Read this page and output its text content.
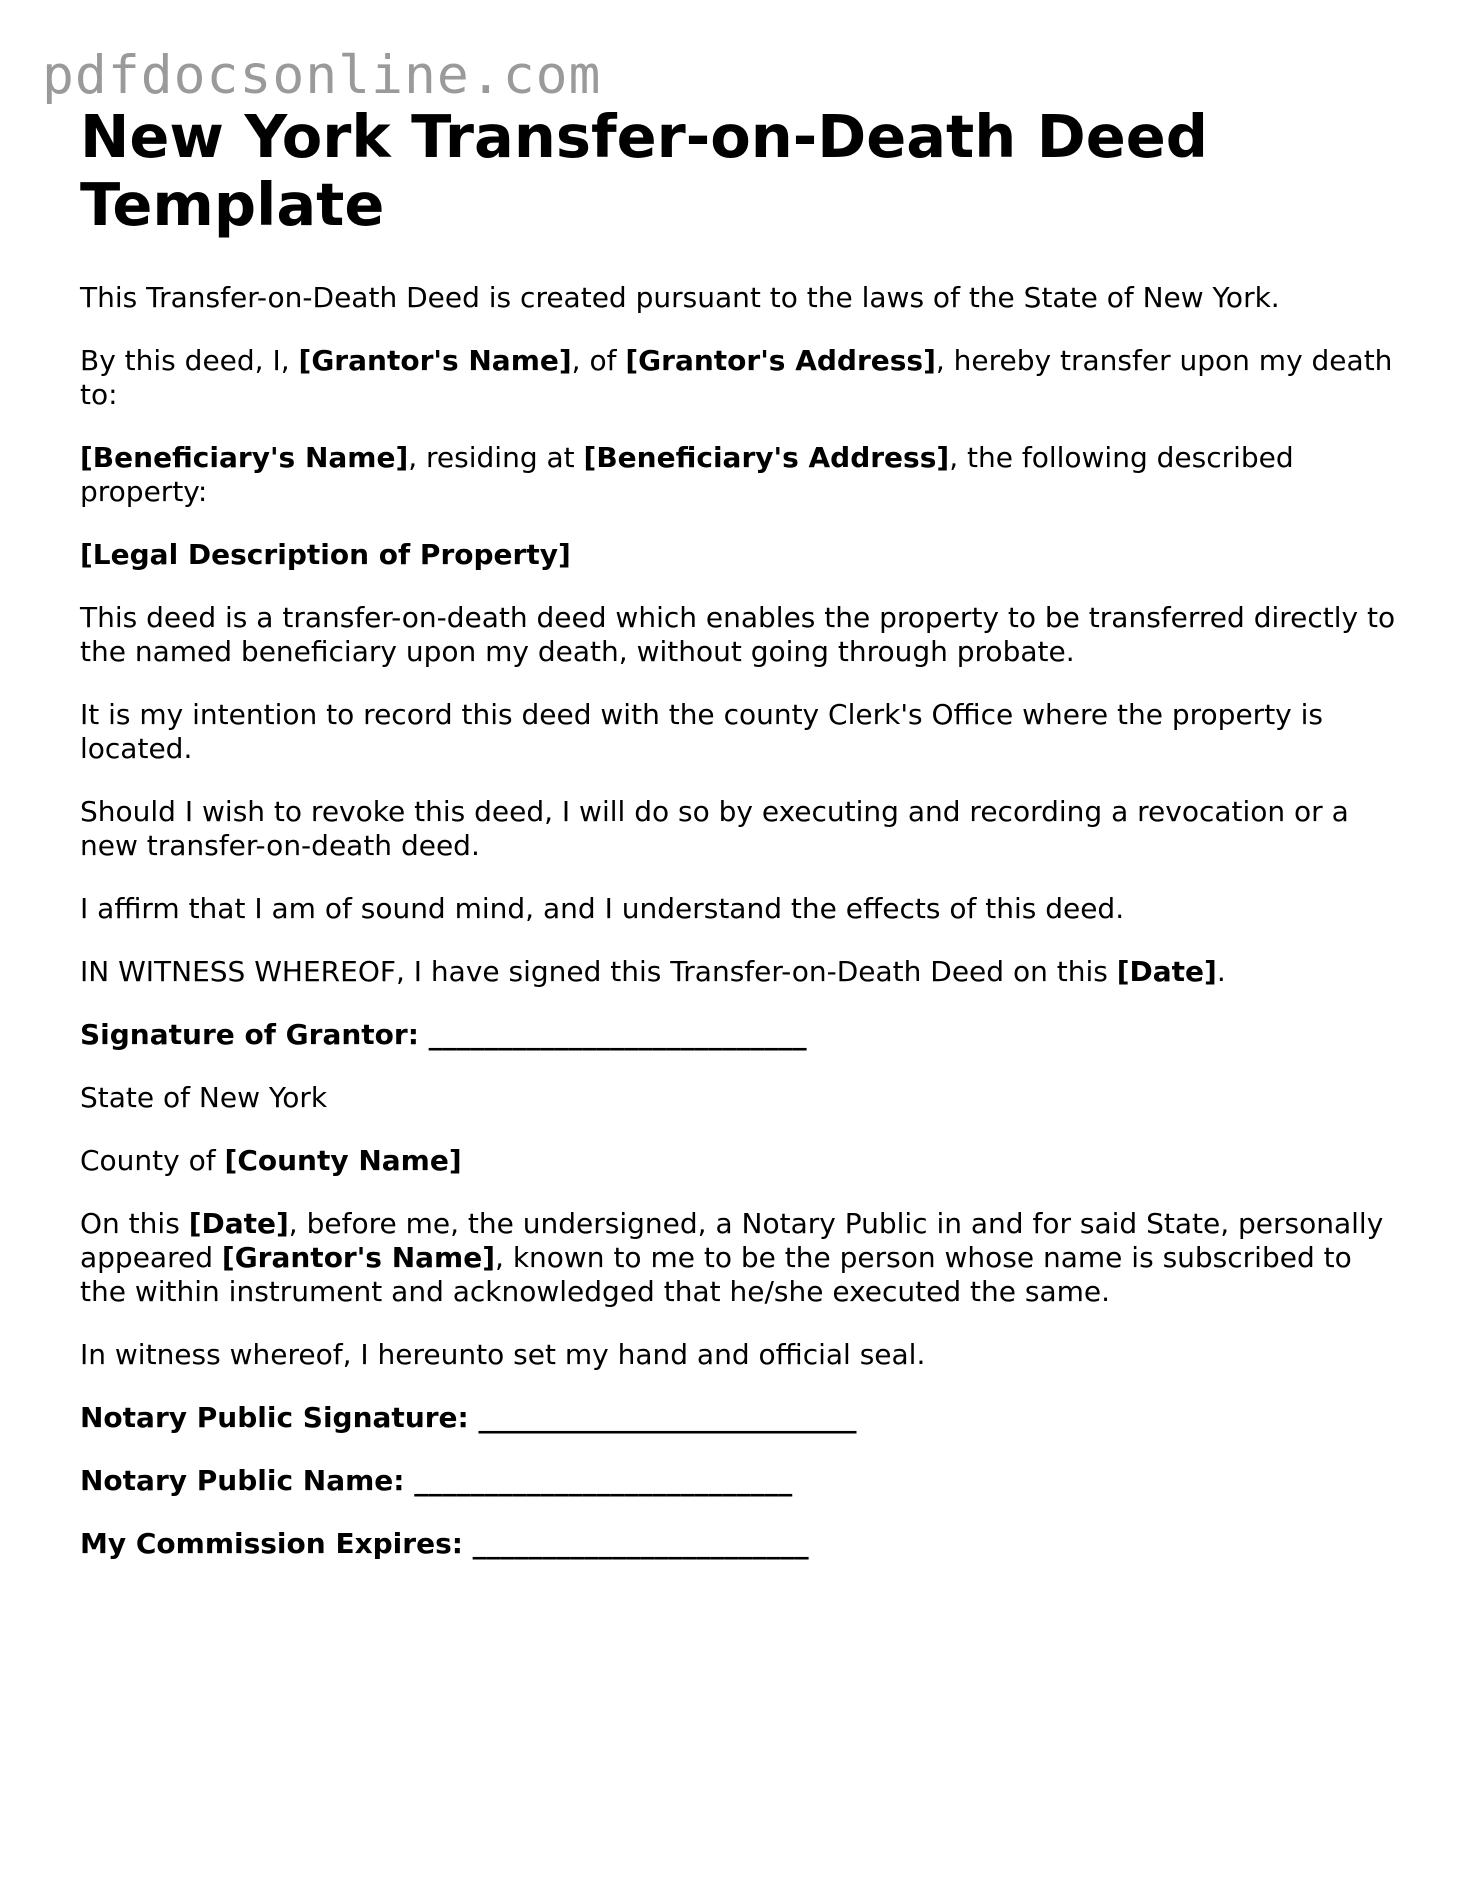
pdfdocsonline.com
New York Transfer-on-Death Deed Template

This Transfer-on-Death Deed is created pursuant to the laws of the State of New York.

By this deed, I, [Grantor's Name], of [Grantor's Address], hereby transfer upon my death to:

[Beneficiary's Name], residing at [Beneficiary's Address], the following described property:

[Legal Description of Property]

This deed is a transfer-on-death deed which enables the property to be transferred directly to the named beneficiary upon my death, without going through probate.

It is my intention to record this deed with the county Clerk's Office where the property is located.

Should I wish to revoke this deed, I will do so by executing and recording a revocation or a new transfer-on-death deed.

I affirm that I am of sound mind, and I understand the effects of this deed.

IN WITNESS WHEREOF, I have signed this Transfer-on-Death Deed on this [Date].

Signature of Grantor: ___________________________

State of New York

County of [County Name]

On this [Date], before me, the undersigned, a Notary Public in and for said State, personally appeared [Grantor's Name], known to me to be the person whose name is subscribed to the within instrument and acknowledged that he/she executed the same.

In witness whereof, I hereunto set my hand and official seal.

Notary Public Signature: ___________________________

Notary Public Name: ___________________________

My Commission Expires: ________________________
